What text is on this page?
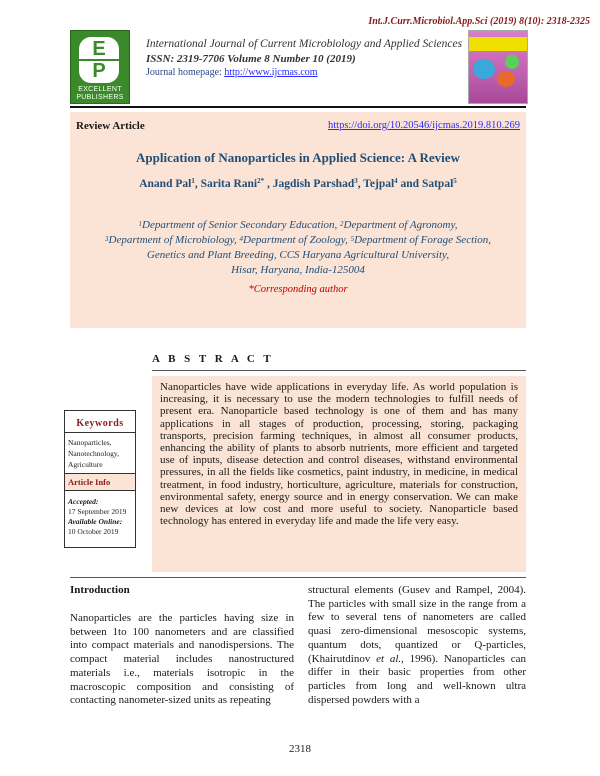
Int.J.Curr.Microbiol.App.Sci (2019) 8(10): 2318-2325
E
P
EXCELLENT
PUBLISHERS
International Journal of Current Microbiology and Applied Sciences
ISSN: 2319-7706 Volume 8 Number 10 (2019)
Journal homepage: http://www.ijcmas.com
Review Article	https://doi.org/10.20546/ijcmas.2019.810.269
Application of Nanoparticles in Applied Science: A Review
Anand Pal$^1$, Sarita Rani$^{2*}$ , Jagdish Parshad$^3$, Tejpal$^4$ and Satpal$^5$
$^1$Department of Senior Secondary Education, $^2$Department of Agronomy,
$^3$Department of Microbiology, $^4$Department of Zoology, $^5$Department of Forage Section,
Genetics and Plant Breeding, CCS Haryana Agricultural University,
Hisar, Haryana, India-125004
*Corresponding author
A B S T R A C T
Nanoparticles have wide applications in everyday life. As world population is increasing, it is necessary to use the modern technologies to fulfill needs of present era. Nanoparticle based technology is one of them and has many applications in all stages of production, processing, storing, packaging transports, precision farming techniques, in almost all consumer products, enhancing the ability of plants to absorb nutrients, more efficient and targeted use of inputs, disease detection and control diseases, withstand environmental pressures, in all the fields like cosmetics, paint industry, in medicine, in medical treatment, in food industry, horticulture, agriculture, materials for construction, environmental safety, energy source and in energy conservation. We can make new devices at low cost and more useful to society. Nanoparticle based technology has entered in everyday life and made the life very easy.
Keywords
Nanoparticles,
Nanotechnology,
Agriculture
Article Info
Accepted:
17 September 2019
Available Online:
10 October 2019
Introduction
Nanoparticles are the particles having size in between 1to 100 nanometers and are classified into compact materials and nanodispersions. The compact material includes nanostructured materials i.e., materials isotropic in the macroscopic composition and consisting of contacting nanometer-sized units as repeating
structural elements (Gusev and Rampel, 2004). The particles with small size in the range from a few to several tens of nanometers are called quasi zero-dimensional mesoscopic systems, quantum dots, quantized or Q-particles, (Khairutdinov et al., 1996). Nanoparticles can differ in their basic properties from other particles from long and well-known ultra dispersed powders with a
2318
